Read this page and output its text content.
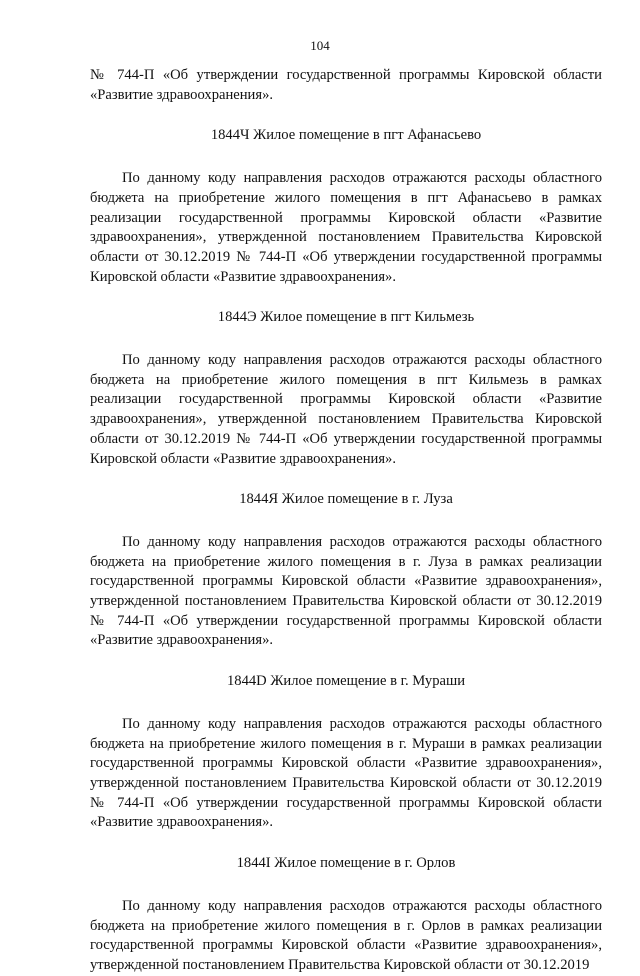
104

№ 744-П «Об утверждении государственной программы Кировской области «Развитие здравоохранения».

1844Ч Жилое помещение в пгт Афанасьево

По данному коду направления расходов отражаются расходы областного бюджета на приобретение жилого помещения в пгт Афанасьево в рамках реализации государственной программы Кировской области «Развитие здравоохранения», утвержденной постановлением Правительства Кировской области от 30.12.2019 № 744-П «Об утверждении государственной программы Кировской области «Развитие здравоохранения».

1844Э Жилое помещение в пгт Кильмезь

По данному коду направления расходов отражаются расходы областного бюджета на приобретение жилого помещения в пгт Кильмезь в рамках реализации государственной программы Кировской области «Развитие здравоохранения», утвержденной постановлением Правительства Кировской области от 30.12.2019 № 744-П «Об утверждении государственной программы Кировской области «Развитие здравоохранения».

1844Я Жилое помещение в г. Луза

По данному коду направления расходов отражаются расходы областного бюджета на приобретение жилого помещения в г. Луза в рамках реализации государственной программы Кировской области «Развитие здравоохранения», утвержденной постановлением Правительства Кировской области от 30.12.2019 № 744-П «Об утверждении государственной программы Кировской области «Развитие здравоохранения».

1844D Жилое помещение в г. Мураши

По данному коду направления расходов отражаются расходы областного бюджета на приобретение жилого помещения в г. Мураши в рамках реализации государственной программы Кировской области «Развитие здравоохранения», утвержденной постановлением Правительства Кировской области от 30.12.2019 № 744-П «Об утверждении государственной программы Кировской области «Развитие здравоохранения».

1844I Жилое помещение в г. Орлов

По данному коду направления расходов отражаются расходы областного бюджета на приобретение жилого помещения в г. Орлов в рамках реализации государственной программы Кировской области «Развитие здравоохранения», утвержденной постановлением Правительства Кировской области от 30.12.2019
